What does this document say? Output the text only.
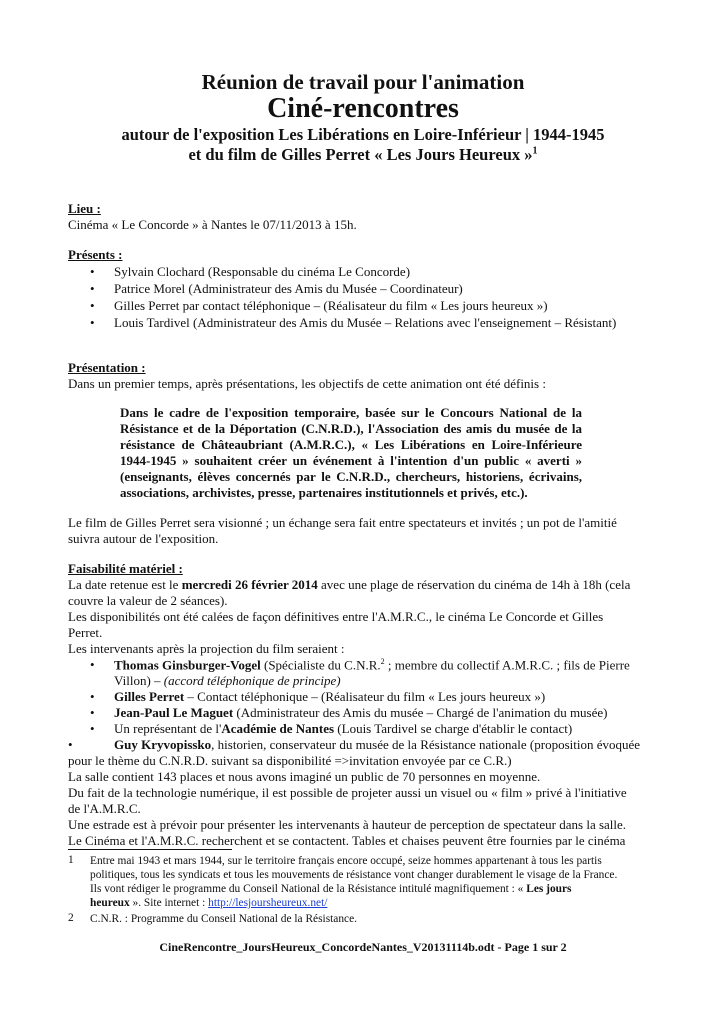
Réunion de travail pour l'animation
Ciné-rencontres
autour de l'exposition Les Libérations en Loire-Inférieur | 1944-1945
et du film de Gilles Perret « Les Jours Heureux »$^1$
Lieu :
Cinéma « Le Concorde » à Nantes le 07/11/2013 à 15h.
Présents :
• Sylvain Clochard (Responsable du cinéma Le Concorde)
• Patrice Morel (Administrateur des Amis du Musée – Coordinateur)
• Gilles Perret par contact téléphonique – (Réalisateur du film « Les jours heureux »)
• Louis Tardivel (Administrateur des Amis du Musée – Relations avec l'enseignement – Résistant)
Présentation :
Dans un premier temps, après présentations, les objectifs de cette animation ont été définis :
Dans le cadre de l'exposition temporaire, basée sur le Concours National de la Résistance et de la Déportation (C.N.R.D.), l'Association des amis du musée de la résistance de Châteaubriant (A.M.R.C.), « Les Libérations en Loire-Inférieure 1944-1945 » souhaitent créer un événement à l'intention d'un public « averti » (enseignants, élèves concernés par le C.N.R.D., chercheurs, historiens, écrivains, associations, archivistes, presse, partenaires institutionnels et privés, etc.).
Le film de Gilles Perret sera visionné ; un échange sera fait entre spectateurs et invités ; un pot de l'amitié
suivra autour de l'exposition.
Faisabilité matériel :
La date retenue est le mercredi 26 février 2014 avec une plage de réservation du cinéma de 14h à 18h (cela
couvre la valeur de 2 séances).
Les disponibilités ont été calées de façon définitives entre l'A.M.R.C., le cinéma Le Concorde et Gilles
Perret.
Les intervenants après la projection du film seraient :
• Thomas Ginsburger-Vogel (Spécialiste du C.N.R.$^2$ ; membre du collectif A.M.R.C. ; fils de Pierre
Villon) – (accord téléphonique de principe)
• Gilles Perret – Contact téléphonique – (Réalisateur du film « Les jours heureux »)
• Jean-Paul Le Maguet (Administrateur des Amis du musée – Chargé de l'animation du musée)
• Un représentant de l'Académie de Nantes (Louis Tardivel se charge d'établir le contact)
•	Guy Kryvopissko, historien, conservateur du musée de la Résistance nationale (proposition évoquée
pour le thème du C.N.R.D. suivant sa disponibilité =>invitation envoyée par ce C.R.)
La salle contient 143 places et nous avons imaginé un public de 70 personnes en moyenne.
Du fait de la technologie numérique, il est possible de projeter aussi un visuel ou « film » privé à l'initiative
de l'A.M.R.C.
Une estrade est à prévoir pour présenter les intervenants à hauteur de perception de spectateur dans la salle.
Le Cinéma et l'A.M.R.C. recherchent et se contactent. Tables et chaises peuvent être fournies par le cinéma
1 Entre mai 1943 et mars 1944, sur le territoire français encore occupé, seize hommes appartenant à tous les partis
politiques, tous les syndicats et tous les mouvements de résistance vont changer durablement le visage de la France.
Ils vont rédiger le programme du Conseil National de la Résistance intitulé magnifiquement : « Les jours
heureux ». Site internet : http://lesjoursheureux.net/
2 C.N.R. : Programme du Conseil National de la Résistance.
CineRencontre_JoursHeureux_ConcordeNantes_V20131114b.odt - Page 1 sur 2
